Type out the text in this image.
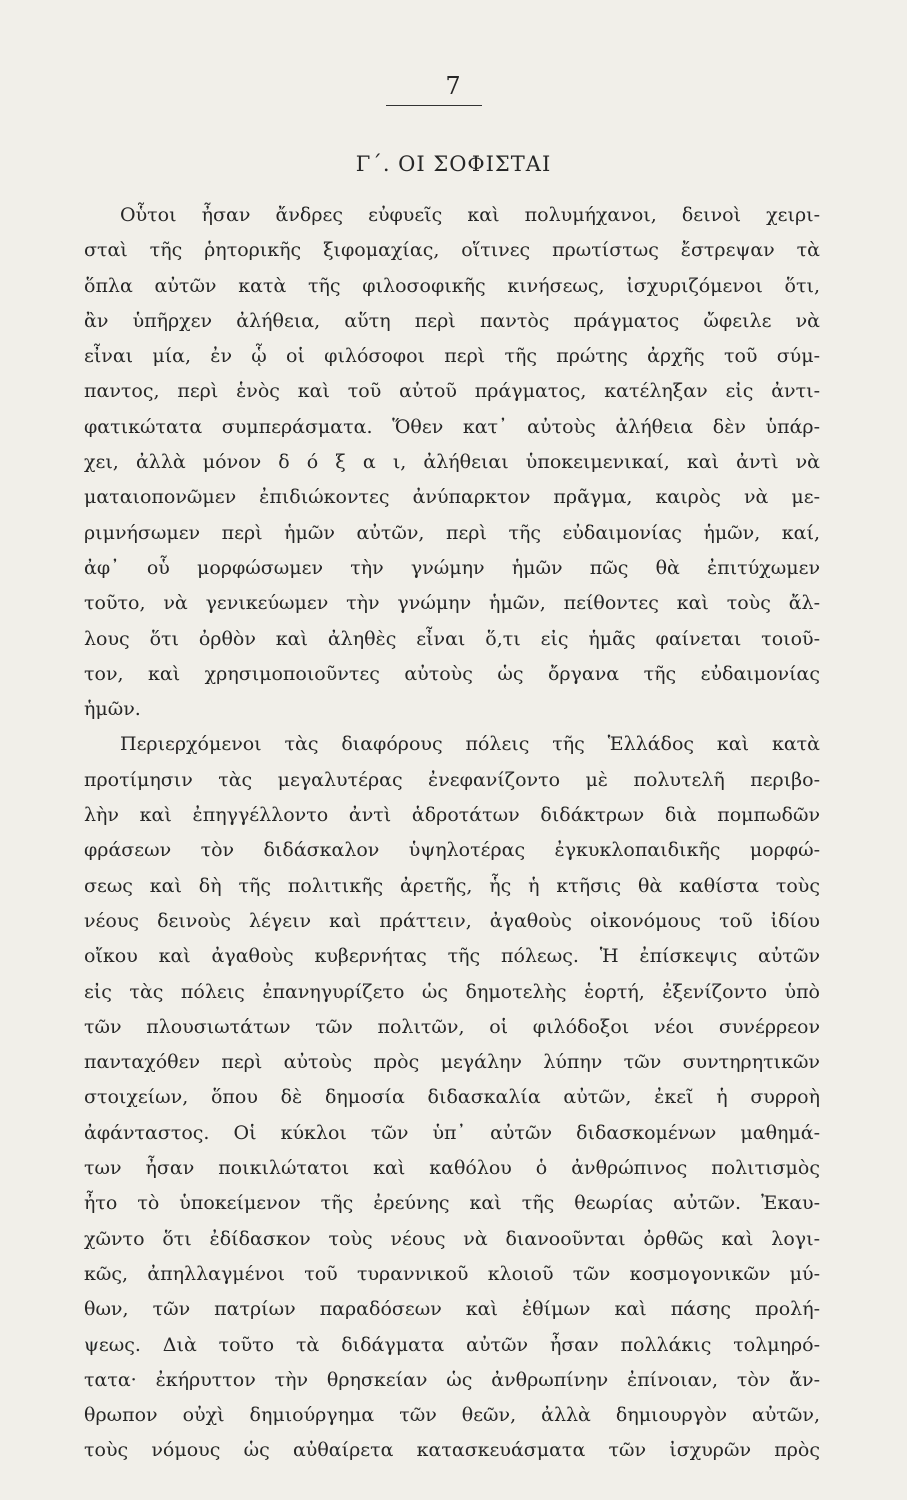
7
Γ΄. ΟΙ ΣΟΦΙΣΤΑΙ
Οὗτοι ἦσαν ἄνδρες εὐφυεῖς καὶ πολυμήχανοι, δεινοὶ χειρι-
σταὶ τῆς ῥητορικῆς ξιφομαχίας, οἵτινες πρωτίστως ἔστρεψαν τὰ
ὅπλα αὐτῶν κατὰ τῆς φιλοσοφικῆς κινήσεως, ἰσχυριζόμενοι ὅτι,
ἂν ὑπῆρχεν ἀλήθεια, αὕτη περὶ παντὸς πράγματος ὤφειλε νὰ
εἶναι μία, ἐν ᾧ οἱ φιλόσοφοι περὶ τῆς πρώτης ἀρχῆς τοῦ σύμ-
παντος, περὶ ἑνὸς καὶ τοῦ αὐτοῦ πράγματος, κατέληξαν εἰς ἀντι-
φατικώτατα συμπεράσματα. Ὅθεν κατ᾽ αὐτοὺς ἀλήθεια δὲν ὑπάρ-
χει, ἀλλὰ μόνον δ ό ξ α ι, ἀλήθειαι ὑποκειμενικαί, καὶ ἀντὶ νὰ
ματαιοπονῶμεν ἐπιδιώκοντες ἀνύπαρκτον πρᾶγμα, καιρὸς νὰ με-
ριμνήσωμεν περὶ ἡμῶν αὐτῶν, περὶ τῆς εὐδαιμονίας ἡμῶν, καί,
ἀφ᾽ οὗ μορφώσωμεν τὴν γνώμην ἡμῶν πῶς θὰ ἐπιτύχωμεν
τοῦτο, νὰ γενικεύωμεν τὴν γνώμην ἡμῶν, πείθοντες καὶ τοὺς ἄλ-
λους ὅτι ὀρθὸν καὶ ἀληθὲς εἶναι ὅ,τι εἰς ἡμᾶς φαίνεται τοιοῦ-
τον, καὶ χρησιμοποιοῦντες αὐτοὺς ὡς ὄργανα τῆς εὐδαιμονίας
ἡμῶν.
Περιερχόμενοι τὰς διαφόρους πόλεις τῆς Ἑλλάδος καὶ κατὰ
προτίμησιν τὰς μεγαλυτέρας ἐνεφανίζοντο μὲ πολυτελῆ περιβο-
λὴν καὶ ἐπηγγέλλοντο ἀντὶ ἁδροτάτων διδάκτρων διὰ πομπωδῶν
φράσεων τὸν διδάσκαλον ὑψηλοτέρας ἐγκυκλοπαιδικῆς μορφώ-
σεως καὶ δὴ τῆς πολιτικῆς ἀρετῆς, ἧς ἡ κτῆσις θὰ καθίστα τοὺς
νέους δεινοὺς λέγειν καὶ πράττειν, ἀγαθοὺς οἰκονόμους τοῦ ἰδίου
οἴκου καὶ ἀγαθοὺς κυβερνήτας τῆς πόλεως. Ἡ ἐπίσκεψις αὐτῶν
εἰς τὰς πόλεις ἐπανηγυρίζετο ὡς δημοτελὴς ἑορτή, ἐξενίζοντο ὑπὸ
τῶν πλουσιωτάτων τῶν πολιτῶν, οἱ φιλόδοξοι νέοι συνέρρεον
πανταχόθεν περὶ αὐτοὺς πρὸς μεγάλην λύπην τῶν συντηρητικῶν
στοιχείων, ὅπου δὲ δημοσία διδασκαλία αὐτῶν, ἐκεῖ ἡ συρροὴ
ἀφάνταστος. Οἱ κύκλοι τῶν ὑπ᾽ αὐτῶν διδασκομένων μαθημά-
των ἦσαν ποικιλώτατοι καὶ καθόλου ὁ ἀνθρώπινος πολιτισμὸς
ἦτο τὸ ὑποκείμενον τῆς ἐρεύνης καὶ τῆς θεωρίας αὐτῶν. Ἐκαυ-
χῶντο ὅτι ἐδίδασκον τοὺς νέους νὰ διανοοῦνται ὀρθῶς καὶ λογι-
κῶς, ἀπηλλαγμένοι τοῦ τυραννικοῦ κλοιοῦ τῶν κοσμογονικῶν μύ-
θων, τῶν πατρίων παραδόσεων καὶ ἐθίμων καὶ πάσης προλή-
ψεως. Διὰ τοῦτο τὰ διδάγματα αὐτῶν ἦσαν πολλάκις τολμηρό-
τατα· ἐκήρυττον τὴν θρησκείαν ὡς ἀνθρωπίνην ἐπίνοιαν, τὸν ἄν-
θρωπον οὐχὶ δημιούργημα τῶν θεῶν, ἀλλὰ δημιουργὸν αὐτῶν,
τοὺς νόμους ὡς αὐθαίρετα κατασκευάσματα τῶν ἰσχυρῶν πρὸς
